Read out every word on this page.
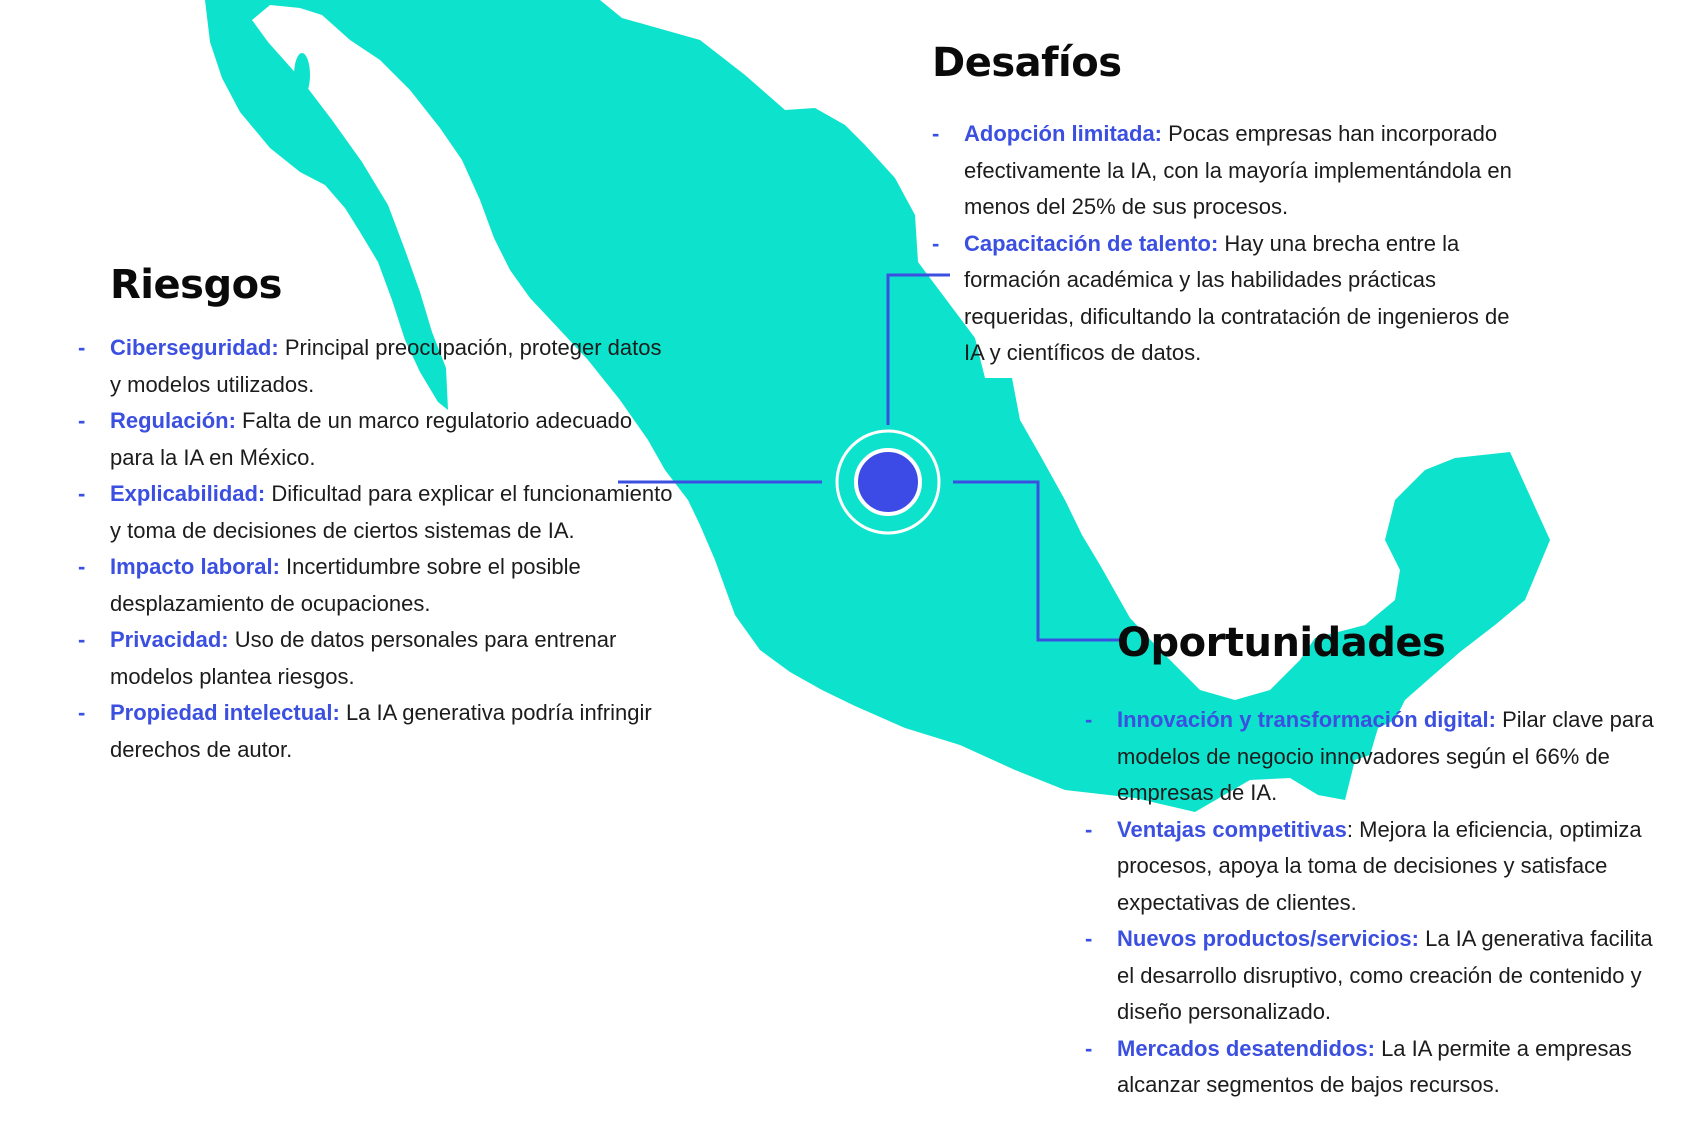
Riesgos
- Ciberseguridad: Principal preocupación, proteger datos y modelos utilizados.
- Regulación: Falta de un marco regulatorio adecuado para la IA en México.
- Explicabilidad: Dificultad para explicar el funcionamiento y toma de decisiones de ciertos sistemas de IA.
- Impacto laboral: Incertidumbre sobre el posible desplazamiento de ocupaciones.
- Privacidad: Uso de datos personales para entrenar modelos plantea riesgos.
- Propiedad intelectual: La IA generativa podría infringir derechos de autor.
Desafíos
- Adopción limitada: Pocas empresas han incorporado efectivamente la IA, con la mayoría implementándola en menos del 25% de sus procesos.
- Capacitación de talento: Hay una brecha entre la formación académica y las habilidades prácticas requeridas, dificultando la contratación de ingenieros de IA y científicos de datos.
Oportunidades
- Innovación y transformación digital: Pilar clave para modelos de negocio innovadores según el 66% de empresas de IA.
- Ventajas competitivas: Mejora la eficiencia, optimiza procesos, apoya la toma de decisiones y satisface expectativas de clientes.
- Nuevos productos/servicios: La IA generativa facilita el desarrollo disruptivo, como creación de contenido y diseño personalizado.
- Mercados desatendidos: La IA permite a empresas alcanzar segmentos de bajos recursos.
